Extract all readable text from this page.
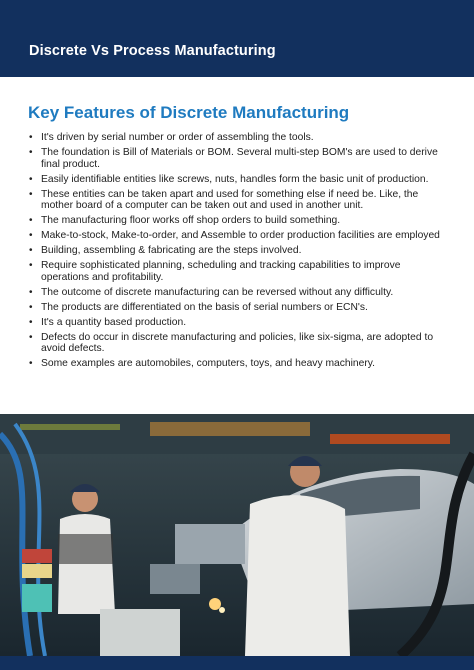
Discrete Vs Process Manufacturing
Key Features of Discrete Manufacturing
• It's driven by serial number or order of assembling the tools.
• The foundation is Bill of Materials or BOM. Several multi-step BOM's are used to derive final product.
• Easily identifiable entities like screws, nuts, handles form the basic unit of production.
• These entities can be taken apart and used for something else if need be. Like, the mother board of a computer can be taken out and used in another unit.
• The manufacturing floor works off shop orders to build something.
• Make-to-stock, Make-to-order, and Assemble to order production facilities are employed
• Building, assembling & fabricating are the steps involved.
• Require sophisticated planning, scheduling and tracking capabilities to improve operations and profitability.
• The outcome of discrete manufacturing can be reversed without any difficulty.
• The products are differentiated on the basis of serial numbers or ECN's.
• It's a quantity based production.
• Defects do occur in discrete manufacturing and policies, like six-sigma, are adopted to avoid defects.
• Some examples are automobiles, computers, toys, and heavy machinery.
